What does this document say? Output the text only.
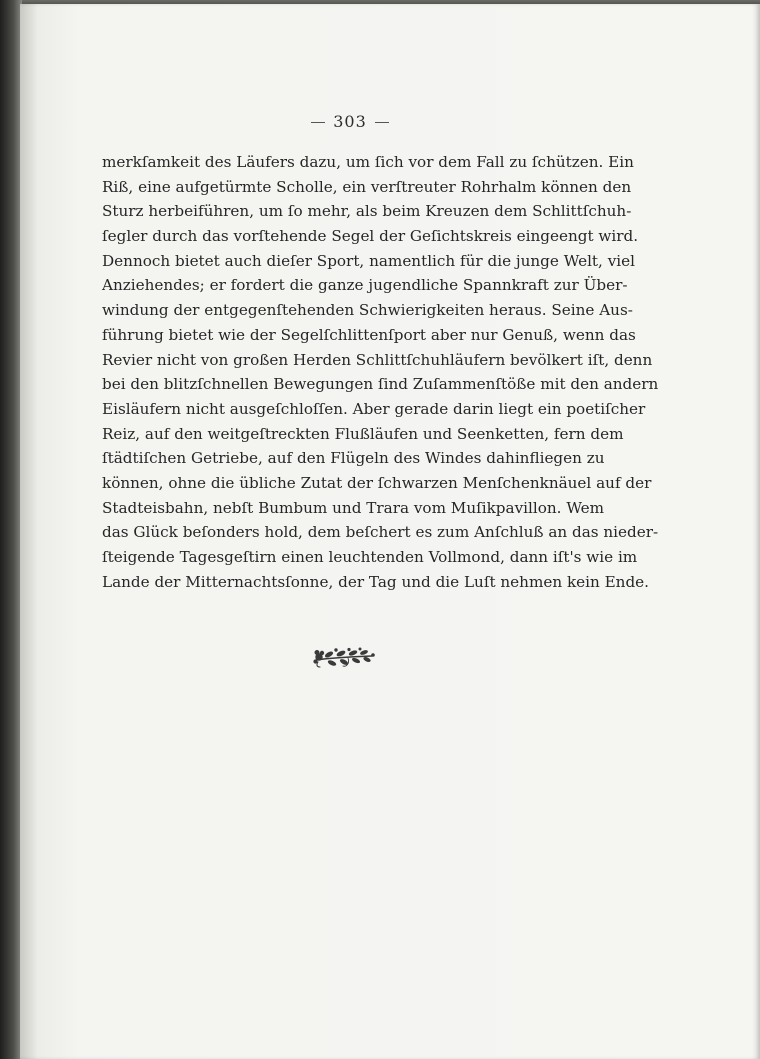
303
merkſamkeit des Läufers dazu, um ſich vor dem Fall zu ſchützen. Ein
Riß, eine aufgetürmte Scholle, ein verſtreuter Rohrhalm können den
Sturz herbeiführen, um ſo mehr, als beim Kreuzen dem Schlittſchuh-
ſegler durch das vorſtehende Segel der Geſichtskreis eingeengt wird.
Dennoch bietet auch dieſer Sport, namentlich für die junge Welt, viel
Anziehendes; er fordert die ganze jugendliche Spannkraft zur Über-
windung der entgegenſtehenden Schwierigkeiten heraus. Seine Aus-
führung bietet wie der Segelſchlittenſport aber nur Genuß, wenn das
Revier nicht von großen Herden Schlittſchuhläufern bevölkert iſt, denn
bei den blitzſchnellen Bewegungen ſind Zuſammenſtöße mit den andern
Eisläufern nicht ausgeſchloſſen. Aber gerade darin liegt ein poetiſcher
Reiz, auf den weitgeſtreckten Flußläufen und Seenketten, fern dem
ſtädtiſchen Getriebe, auf den Flügeln des Windes dahinfliegen zu
können, ohne die übliche Zutat der ſchwarzen Menſchenknäuel auf der
Stadteisbahn, nebſt Bumbum und Trara vom Muſikpavillon. Wem
das Glück beſonders hold, dem beſchert es zum Anſchluß an das nieder-
ſteigende Tagesgeſtirn einen leuchtenden Vollmond, dann iſt's wie im
Lande der Mitternachtsſonne, der Tag und die Luſt nehmen kein Ende.
